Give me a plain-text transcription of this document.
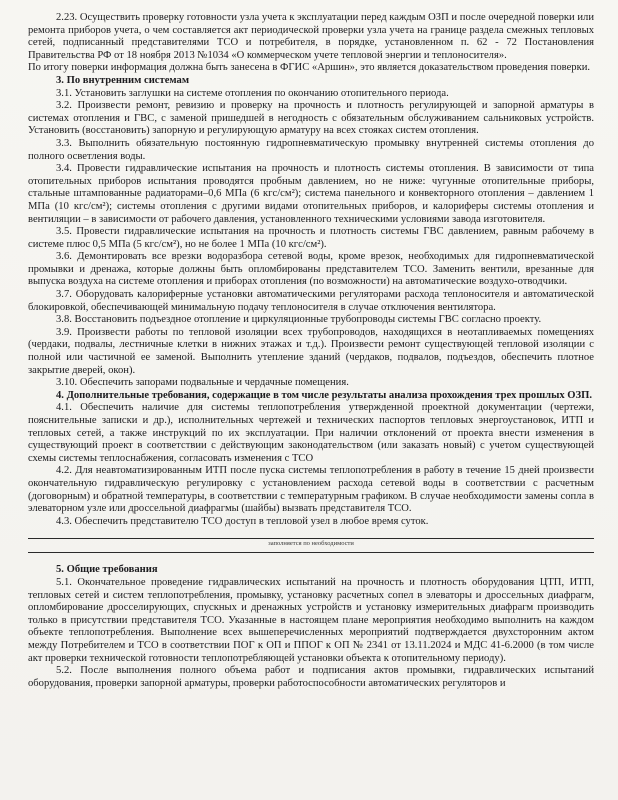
2.23. Осуществить проверку готовности узла учета к эксплуатации перед каждым ОЗП и после очередной поверки или ремонта приборов учета, о чем составляется акт периодической проверки узла учета на границе раздела смежных тепловых сетей, подписанный представителями ТСО и потребителя, в порядке, установленном п. 62 - 72 Постановления Правительства РФ от 18 ноября 2013 №1034 «О коммерческом учете тепловой энергии и теплоносителя».

По итогу поверки информация должна быть занесена в ФГИС «Аршин», это является доказательством проведения поверки.

3. По внутренним системам

3.1. Установить заглушки на системе отопления по окончанию отопительного периода.

3.2. Произвести ремонт, ревизию и проверку на прочность и плотность регулирующей и запорной арматуры в системах отопления и ГВС, с заменой пришедшей в негодность с обязательным обслуживанием сальниковых устройств. Установить (восстановить) запорную и регулирующую арматуру на всех стояках систем отопления.

3.3. Выполнить обязательную постоянную гидропневматическую промывку внутренней системы отопления до полного осветления воды.

3.4. Провести гидравлические испытания на прочность и плотность системы отопления. В зависимости от типа отопительных приборов испытания проводятся пробным давлением, но не ниже: чугунные отопительные приборы, стальные штампованные радиаторами–0,6 МПа (6 кгс/см²); система панельного и конвекторного отопления – давлением 1 МПа (10 кгс/см²); системы отопления с другими видами отопительных приборов, и калориферы системы отопления и вентиляции – в зависимости от рабочего давления, установленного техническими условиями завода изготовителя.

3.5. Провести гидравлические испытания на прочность и плотность системы ГВС давлением, равным рабочему в системе плюс 0,5 МПа (5 кгс/см²), но не более 1 МПа (10 кгс/см²).

3.6. Демонтировать все врезки водоразбора сетевой воды, кроме врезок, необходимых для гидропневматической промывки и дренажа, которые должны быть опломбированы представителем ТСО. Заменить вентили, врезанные для выпуска воздуха на системе отопления и приборах отопления (по возможности) на автоматические воздухо-отводчики.

3.7. Оборудовать калориферные установки автоматическими регуляторами расхода теплоносителя и автоматической блокировкой, обеспечивающей минимальную подачу теплоносителя в случае отключения вентилятора.

3.8. Восстановить подъездное отопление и циркуляционные трубопроводы системы ГВС согласно проекту.

3.9. Произвести работы по тепловой изоляции всех трубопроводов, находящихся в неотапливаемых помещениях (чердаки, подвалы, лестничные клетки в нижних этажах и т.д.). Произвести ремонт существующей тепловой изоляции с полной или частичной ее заменой. Выполнить утепление зданий (чердаков, подвалов, подъездов, обеспечить плотное закрытие дверей, окон).

3.10. Обеспечить запорами подвальные и чердачные помещения.

4. Дополнительные требования, содержащие в том числе результаты анализа прохождения трех прошлых ОЗП.

4.1. Обеспечить наличие для системы теплопотребления утвержденной проектной документации (чертежи, пояснительные записки и др.), исполнительных чертежей и технических паспортов тепловых энергоустановок, ИТП и тепловых сетей, а также инструкций по их эксплуатации. При наличии отклонений от проекта внести изменения в существующий проект в соответствии с действующим законодательством (или заказать новый) с учетом существующей схемы системы теплоснабжения, согласовать изменения с ТСО

4.2. Для неавтоматизированным ИТП после пуска системы теплопотребления в работу в течение 15 дней произвести окончательную гидравлическую регулировку с установлением расхода сетевой воды в соответствии с расчетным (договорным) и обратной температуры, в соответствии с температурным графиком. В случае необходимости замены сопла в элеваторном узле или дроссельной диафрагмы (шайбы) вызвать представителя ТСО.

4.3. Обеспечить представителю ТСО доступ в тепловой узел в любое время суток.

заполняется по необходимости

5. Общие требования

5.1. Окончательное проведение гидравлических испытаний на прочность и плотность оборудования ЦТП, ИТП, тепловых сетей и систем теплопотребления, промывку, установку расчетных сопел в элеваторы и дроссельных диафрагм, опломбирование дросселирующих, спускных и дренажных устройств и установку измерительных диафрагм производить только в присутствии представителя ТСО. Указанные в настоящем плане мероприятия необходимо выполнить на каждом объекте теплопотребления. Выполнение всех вышеперечисленных мероприятий подтверждается двухсторонним актом между Потребителем и ТСО в соответствии ПОГ к ОП и ППОГ к ОП № 2341 от 13.11.2024 и МДС 41-6.2000 (в том числе акт проверки технической готовности теплопотребляющей установки объекта к отопительному периоду).

5.2. После выполнения полного объема работ и подписания актов промывки, гидравлических испытаний оборудования, проверки запорной арматуры, проверки работоспособности автоматических регуляторов и
